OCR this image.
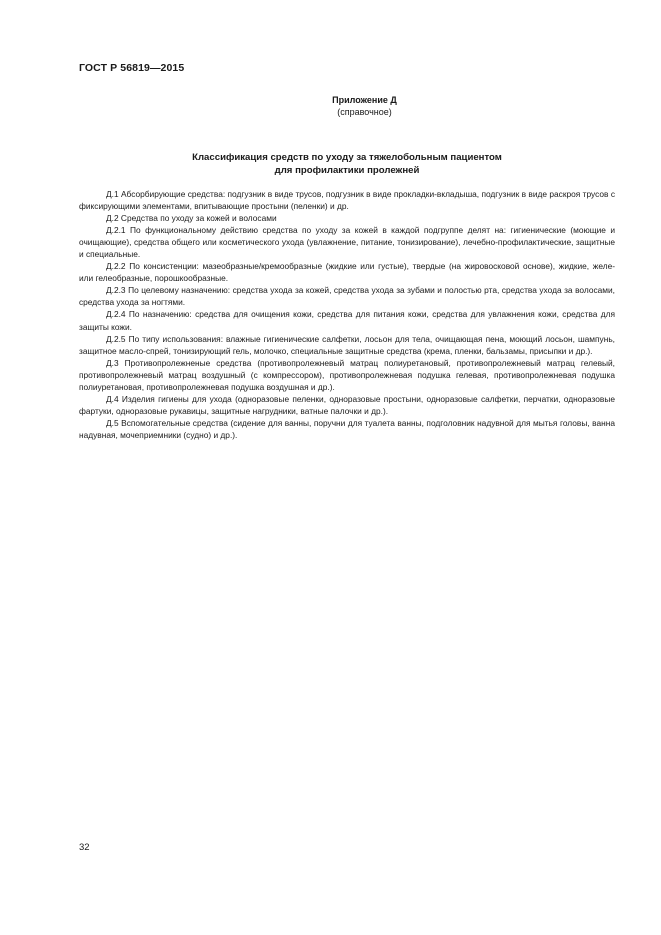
ГОСТ Р 56819—2015
Приложение Д
(справочное)
Классификация средств по уходу за тяжелобольным пациентом
для профилактики пролежней

Д.1 Абсорбирующие средства: подгузник в виде трусов, подгузник в виде прокладки-вкладыша, подгузник в виде раскроя трусов с фиксирующими элементами, впитывающие простыни (пеленки) и др.

Д.2 Средства по уходу за кожей и волосами

Д.2.1 По функциональному действию средства по уходу за кожей в каждой подгруппе делят на: гигиенические (моющие и очищающие), средства общего или косметического ухода (увлажнение, питание, тонизирование), лечебно-профилактические, защитные и специальные.

Д.2.2 По консистенции: мазеобразные/кремообразные (жидкие или густые), твердые (на жировосковой основе), жидкие, желе- или гелеобразные, порошкообразные.

Д.2.3 По целевому назначению: средства ухода за кожей, средства ухода за зубами и полостью рта, средства ухода за волосами, средства ухода за ногтями.

Д.2.4 По назначению: средства для очищения кожи, средства для питания кожи, средства для увлажнения кожи, средства для защиты кожи.

Д.2.5 По типу использования: влажные гигиенические салфетки, лосьон для тела, очищающая пена, моющий лосьон, шампунь, защитное масло-спрей, тонизирующий гель, молочко, специальные защитные средства (крема, пленки, бальзамы, присыпки и др.).

Д.3 Противопролежненые средства (противопролежневый матрац полиуретановый, противопролежневый матрац гелевый, противопролежневый матрац воздушный (с компрессором), противопролежневая подушка гелевая, противопролежневая подушка полиуретановая, противопролежневая подушка воздушная и др.).

Д.4 Изделия гигиены для ухода (одноразовые пеленки, одноразовые простыни, одноразовые салфетки, перчатки, одноразовые фартуки, одноразовые рукавицы, защитные нагрудники, ватные палочки и др.).

Д.5 Вспомогательные средства (сидение для ванны, поручни для туалета ванны, подголовник надувной для мытья головы, ванна надувная, мочеприемники (судно) и др.).

32
